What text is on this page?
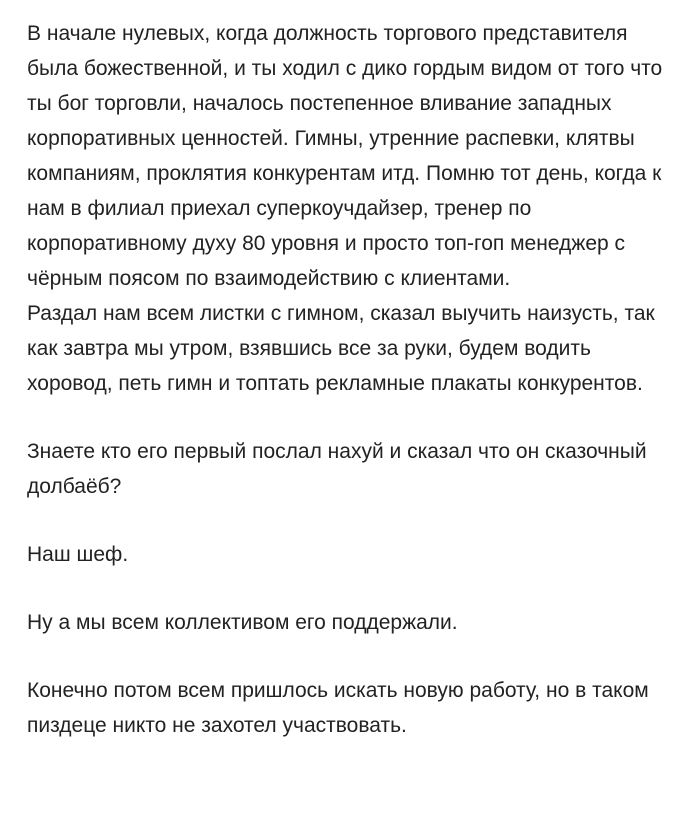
В начале нулевых, когда должность торгового представителя была божественной, и ты ходил с дико гордым видом от того что ты бог торговли, началось постепенное вливание западных корпоративных ценностей. Гимны, утренние распевки, клятвы компаниям, проклятия конкурентам итд. Помню тот день, когда к нам в филиал приехал суперкоучдайзер, тренер по корпоративному духу 80 уровня и просто топ-гоп менеджер с чёрным поясом по взаимодействию с клиентами.
Раздал нам всем листки с гимном, сказал выучить наизусть, так как завтра мы утром, взявшись все за руки, будем водить хоровод, петь гимн и топтать рекламные плакаты конкурентов.

Знаете кто его первый послал нахуй и сказал что он сказочный долбаёб?

Наш шеф.

Ну а мы всем коллективом его поддержали.

Конечно потом всем пришлось искать новую работу, но в таком пиздеце никто не захотел участвовать.
